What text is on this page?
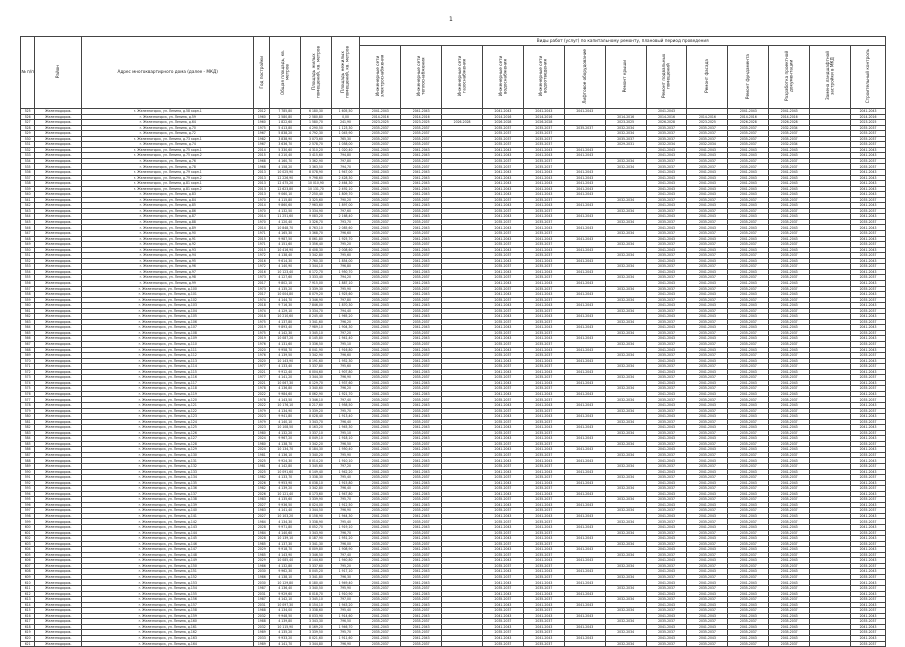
1
№ п/п	Район	Адрес многоквартирного дома (далее - МКД)	Год постройки	Общая площадь, кв. метров	Площадь жилых помещений, кв. метров	Площадь нежилых помещений, кв. метров	Виды работ (услуг) по капитальному ремонту, плановый период проведения												
							Инженерные сети электроснабжения	Инженерные сети теплоснабжения	Инженерные сети газоснабжения	Инженерные сети водоснабжения	Инженерные сети водоотведения	Лифтовое оборудование	Ремонт крыши	Ремонт подвальных помещений	Ремонт фасада	Ремонт фундамента	Разработка проектной документации	Замена ландшафтной застройки в МКД	Строительный контроль
525	Железнодорож.	г. Железногорск, ул. Ленина, д.58 корп.1	2012	7 785,80	6 180,30	1 605,50	2041-2043	2041-2043		2041-2043	2041-2043	2041-2043		2041-2043		2041-2043	2041-2043		2041-2043
526	Железнодорож.	г. Железногорск, ул. Ленина, д.59	1960	2 580,80	2 580,80	0,00	2014-2016	2014-2016		2014-2016	2014-2016		2014-2016	2014-2016	2014-2016	2014-2016	2014-2016		2014-2016
527	Железнодорож.	г. Железногорск, ул. Ленина, д.64	1960	1 822,60	1 580,70	241,90	2023-2025	2023-2025	2026-2028	2026-2028	2026-2028		2023-2025	2026-2028	2023-2025	2026-2028	2026-2028		2023-2025
528	Железнодорож.	г. Железногорск, ул. Ленина, д.70	1975	5 413,80	4 290,50	1 123,30	2035-2037	2035-2037		2035-2037	2035-2037	2035-2037	2032-2034	2035-2037	2035-2037	2035-2037	2032-2034		2035-2037
529	Железнодорож.	г. Железногорск, ул. Ленина, д.72	1967	5 838,20	4 792,30	1 045,90	2035-2037	2035-2037		2035-2037	2035-2037		2032-2034	2035-2037	2035-2037	2035-2037	2035-2037		2035-2037
530	Железнодорож.	г. Железногорск, ул. Ленина, д.73 корп.1	1982	3 838,90	3 073,60	765,30	2035-2037	2035-2037		2035-2037	2035-2037		2035-2037	2035-2037	2035-2037	2035-2037	2035-2037		2035-2037
531	Железнодорож.	г. Железногорск, ул. Ленина, д.74	1967	3 636,70	2 578,70	1 058,00	2035-2037	2035-2037		2035-2037	2035-2037		2029-2031	2032-2034	2032-2034	2035-2037	2032-2034		2035-2037
532	Железнодорож.	г. Железногорск, ул. Ленина, д.75 корп.1	2014	5 330,60	4 310,20	1 020,40	2041-2043	2041-2043		2041-2043	2041-2043	2041-2043		2041-2043	2041-2043	2041-2043	2041-2043		2041-2043
533	Железнодорож.	г. Железногорск, ул. Ленина, д.75 корп.2	2015	4 210,40	3 415,60	794,80	2041-2043	2041-2043		2041-2043	2041-2043	2041-2043		2041-2043	2041-2043	2041-2043	2041-2043		2041-2043
534	Железнодорож.	г. Железногорск, ул. Ленина, д.76	1968	4 160,70	3 362,90	797,80	2035-2037	2035-2037		2035-2037	2035-2037		2032-2034	2035-2037	2035-2037	2035-2037	2035-2037		2035-2037
535	Железнодорож.	г. Железногорск, ул. Ленина, д.78	1968	4 158,20	3 363,50	794,70	2035-2037	2035-2037		2035-2037	2035-2037		2032-2034	2035-2037	2035-2037	2035-2037	2035-2037		2035-2037
536	Железнодорож.	г. Железногорск, ул. Ленина, д.79 корп.1	2013	10 025,90	8 078,90	1 947,00	2041-2043	2041-2043		2041-2043	2041-2043	2041-2043		2041-2043	2041-2043	2041-2043	2041-2043		2041-2043
537	Железнодорож.	г. Железногорск, ул. Ленина, д.79 корп.2	2013	12 226,90	9 798,60	2 428,30	2041-2043	2041-2043		2041-2043	2041-2043	2041-2043		2041-2043	2041-2043	2041-2043	2041-2043		2041-2043
538	Железнодорож.	г. Железногорск, ул. Ленина, д.81 корп.1	2013	12 475,20	10 010,90	2 464,30	2041-2043	2041-2043		2041-2043	2041-2043	2041-2043		2041-2043	2041-2043	2041-2043	2041-2043		2041-2043
539	Железнодорож.	г. Железногорск, ул. Ленина, д.81 корп.2	2013	12 623,80	10 131,70	2 492,10	2041-2043	2041-2043		2041-2043	2041-2043	2041-2043		2041-2043	2041-2043	2041-2043	2041-2043		2041-2043
540	Железнодорож.	г. Железногорск, ул. Ленина, д.83	2013	9 060,10	7 250,40	1 809,70	2041-2043	2041-2043		2041-2043	2041-2043	2041-2043		2041-2043	2041-2043	2041-2043	2041-2043		2041-2043
541	Железнодорож.	г. Железногорск, ул. Ленина, д.84	1970	4 115,80	3 325,60	790,20	2035-2037	2035-2037		2035-2037	2035-2037		2032-2034	2035-2037	2035-2037	2035-2037	2035-2037		2035-2037
542	Железнодорож.	г. Железногорск, ул. Ленина, д.85	2014	9 860,60	7 963,60	1 897,00	2041-2043	2041-2043		2041-2043	2041-2043	2041-2043		2041-2043	2041-2043	2041-2043	2041-2043		2041-2043
543	Железнодорож.	г. Железногорск, ул. Ленина, д.86	1970	4 132,50	3 334,90	797,60	2035-2037	2035-2037		2035-2037	2035-2037		2032-2034	2035-2037	2035-2037	2035-2037	2035-2037		2035-2037
544	Железнодорож.	г. Железногорск, ул. Ленина, д.87	2014	11 251,60	9 083,20	2 168,40	2041-2043	2041-2043		2041-2043	2041-2043	2041-2043		2041-2043	2041-2043	2041-2043	2041-2043		2041-2043
545	Железнодорож.	г. Железногорск, ул. Ленина, д.88	1970	4 120,40	3 326,70	793,70	2035-2037	2035-2037		2035-2037	2035-2037		2032-2034	2035-2037	2035-2037	2035-2037	2035-2037		2035-2037
546	Железнодорож.	г. Железногорск, ул. Ленина, д.89	2014	10 848,70	8 763,10	2 085,60	2041-2043	2041-2043		2041-2043	2041-2043	2041-2043		2041-2043	2041-2043	2041-2043	2041-2043		2041-2043
547	Железнодорож.	г. Железногорск, ул. Ленина, д.90	1971	4 165,30	3 368,70	796,60	2035-2037	2035-2037		2035-2037	2035-2037		2032-2034	2035-2037	2035-2037	2035-2037	2035-2037		2035-2037
548	Железнодорож.	г. Железногорск, ул. Ленина, д.91	2015	9 987,50	8 061,80	1 925,70	2041-2043	2041-2043		2041-2043	2041-2043	2041-2043		2041-2043	2041-2043	2041-2043	2041-2043		2041-2043
549	Железнодорож.	г. Железногорск, ул. Ленина, д.92	1971	4 151,60	3 356,40	795,20	2035-2037	2035-2037		2035-2037	2035-2037		2032-2034	2035-2037	2035-2037	2035-2037	2035-2037		2035-2037
550	Железнодорож.	г. Железногорск, ул. Ленина, д.93	2015	10 416,90	8 408,30	2 008,60	2041-2043	2041-2043		2041-2043	2041-2043	2041-2043		2041-2043	2041-2043	2041-2043	2041-2043		2041-2043
551	Железнодорож.	г. Железногорск, ул. Ленина, д.94	1972	4 138,40	3 342,80	795,60	2035-2037	2035-2037		2035-2037	2035-2037		2032-2034	2035-2037	2035-2037	2035-2037	2035-2037		2035-2037
552	Железнодорож.	г. Железногорск, ул. Ленина, д.95	2016	9 614,30	7 760,30	1 854,00	2041-2043	2041-2043		2041-2043	2041-2043	2041-2043		2041-2043	2041-2043	2041-2043	2041-2043		2041-2043
553	Железнодорож.	г. Железногорск, ул. Ленина, д.96	1972	4 140,90	3 344,10	796,80	2035-2037	2035-2037		2035-2037	2035-2037		2032-2034	2035-2037	2035-2037	2035-2037	2035-2037		2035-2037
554	Железнодорож.	г. Железногорск, ул. Ленина, д.97	2016	10 123,40	8 172,70	1 950,70	2041-2043	2041-2043		2041-2043	2041-2043	2041-2043		2041-2043	2041-2043	2041-2043	2041-2043		2041-2043
555	Железнодорож.	г. Железногорск, ул. Ленина, д.98	1973	4 127,60	3 333,40	794,20	2035-2037	2035-2037		2035-2037	2035-2037		2032-2034	2035-2037	2035-2037	2035-2037	2035-2037		2035-2037
556	Железнодорож.	г. Железногорск, ул. Ленина, д.99	2017	9 802,10	7 915,00	1 887,10	2041-2043	2041-2043		2041-2043	2041-2043	2041-2043		2041-2043	2041-2043	2041-2043	2041-2043		2041-2043
557	Железнодорож.	г. Железногорск, ул. Ленина, д.100	1973	4 135,20	3 339,30	795,90	2035-2037	2035-2037		2035-2037	2035-2037		2032-2034	2035-2037	2035-2037	2035-2037	2035-2037		2035-2037
558	Железнодорож.	г. Железногорск, ул. Ленина, д.101	2017	10 004,80	8 079,20	1 925,60	2041-2043	2041-2043		2041-2043	2041-2043	2041-2043		2041-2043	2041-2043	2041-2043	2041-2043		2041-2043
559	Железнодорож.	г. Железногорск, ул. Ленина, д.102	1974	4 144,70	3 346,90	797,80	2035-2037	2035-2037		2035-2037	2035-2037		2032-2034	2035-2037	2035-2037	2035-2037	2035-2037		2035-2037
560	Железнодорож.	г. Железногорск, ул. Ленина, д.103	2018	9 716,30	7 846,00	1 870,30	2041-2043	2041-2043		2041-2043	2041-2043	2041-2043		2041-2043	2041-2043	2041-2043	2041-2043		2041-2043
561	Железнодорож.	г. Железногорск, ул. Ленина, д.104	1974	4 129,10	3 334,70	794,40	2035-2037	2035-2037		2035-2037	2035-2037		2032-2034	2035-2037	2035-2037	2035-2037	2035-2037		2035-2037
562	Железнодорож.	г. Железногорск, ул. Ленина, д.105	2018	10 210,60	8 245,40	1 965,20	2041-2043	2041-2043		2041-2043	2041-2043	2041-2043		2041-2043	2041-2043	2041-2043	2041-2043		2041-2043
563	Железнодорож.	г. Железногорск, ул. Ленина, д.106	1975	4 137,80	3 341,60	796,20	2035-2037	2035-2037		2035-2037	2035-2037		2032-2034	2035-2037	2035-2037	2035-2037	2035-2037		2035-2037
564	Железнодорож.	г. Железногорск, ул. Ленина, д.107	2019	9 893,40	7 989,10	1 904,30	2041-2043	2041-2043		2041-2043	2041-2043	2041-2043		2041-2043	2041-2043	2041-2043	2041-2043		2041-2043
565	Железнодорож.	г. Железногорск, ул. Ленина, д.108	1975	4 142,30	3 345,10	797,20	2035-2037	2035-2037		2035-2037	2035-2037		2032-2034	2035-2037	2035-2037	2035-2037	2035-2037		2035-2037
566	Железнодорож.	г. Железногорск, ул. Ленина, д.109	2019	10 087,20	8 145,80	1 941,40	2041-2043	2041-2043		2041-2043	2041-2043	2041-2043		2041-2043	2041-2043	2041-2043	2041-2043		2041-2043
567	Железнодорож.	г. Железногорск, ул. Ленина, д.110	1976	4 131,60	3 336,50	795,10	2035-2037	2035-2037		2035-2037	2035-2037		2032-2034	2035-2037	2035-2037	2035-2037	2035-2037		2035-2037
568	Железнодорож.	г. Железногорск, ул. Ленина, д.111	2020	9 958,70	8 041,90	1 916,80	2041-2043	2041-2043		2041-2043	2041-2043	2041-2043		2041-2043	2041-2043	2041-2043	2041-2043		2041-2043
569	Железнодорож.	г. Железногорск, ул. Ленина, д.112	1976	4 139,50	3 342,90	796,60	2035-2037	2035-2037		2035-2037	2035-2037		2032-2034	2035-2037	2035-2037	2035-2037	2035-2037		2035-2037
570	Железнодорож.	г. Железногорск, ул. Ленина, д.113	2020	10 143,90	8 191,60	1 952,30	2041-2043	2041-2043		2041-2043	2041-2043	2041-2043		2041-2043	2041-2043	2041-2043	2041-2043		2041-2043
571	Железнодорож.	г. Железногорск, ул. Ленина, д.114	1977	4 133,40	3 337,80	795,60	2035-2037	2035-2037		2035-2037	2035-2037		2032-2034	2035-2037	2035-2037	2035-2037	2035-2037		2035-2037
572	Железнодорож.	г. Железногорск, ул. Ленина, д.115	2021	9 912,40	8 004,60	1 907,80	2041-2043	2041-2043		2041-2043	2041-2043	2041-2043		2041-2043	2041-2043	2041-2043	2041-2043		2041-2043
573	Железнодорож.	г. Железногорск, ул. Ленина, д.116	1977	4 141,20	3 344,30	796,90	2035-2037	2035-2037		2035-2037	2035-2037		2032-2034	2035-2037	2035-2037	2035-2037	2035-2037		2035-2037
574	Железнодорож.	г. Железногорск, ул. Ленина, д.117	2021	10 067,30	8 129,70	1 937,60	2041-2043	2041-2043		2041-2043	2041-2043	2041-2043		2041-2043	2041-2043	2041-2043	2041-2043		2041-2043
575	Железнодорож.	г. Железногорск, ул. Ленина, д.118	1978	4 136,80	3 340,60	796,20	2035-2037	2035-2037		2035-2037	2035-2037		2032-2034	2035-2037	2035-2037	2035-2037	2035-2037		2035-2037
576	Железнодорож.	г. Железногорск, ул. Ленина, д.119	2022	9 984,60	8 062,90	1 921,70	2041-2043	2041-2043		2041-2043	2041-2043	2041-2043		2041-2043	2041-2043	2041-2043	2041-2043		2041-2043
577	Железнодорож.	г. Железногорск, ул. Ленина, д.120	1978	4 143,50	3 346,10	797,40	2035-2037	2035-2037		2035-2037	2035-2037		2032-2034	2035-2037	2035-2037	2035-2037	2035-2037		2035-2037
578	Железнодорож.	г. Железногорск, ул. Ленина, д.121	2022	10 176,10	8 217,60	1 958,50	2041-2043	2041-2043		2041-2043	2041-2043	2041-2043		2041-2043	2041-2043	2041-2043	2041-2043		2041-2043
579	Железнодорож.	г. Железногорск, ул. Ленина, д.122	1979	4 134,90	3 339,20	795,70	2035-2037	2035-2037		2035-2037	2035-2037		2032-2034	2035-2037	2035-2037	2035-2037	2035-2037		2035-2037
580	Железнодорож.	г. Железногорск, ул. Ленина, д.123	2023	9 941,80	8 028,40	1 913,40	2041-2043	2041-2043		2041-2043	2041-2043	2041-2043		2041-2043	2041-2043	2041-2043	2041-2043		2041-2043
581	Железнодорож.	г. Железногорск, ул. Ленина, д.124	1979	4 140,10	3 343,70	796,40	2035-2037	2035-2037		2035-2037	2035-2037		2032-2034	2035-2037	2035-2037	2035-2037	2035-2037		2035-2037
582	Железнодорож.	г. Железногорск, ул. Ленина, д.125	2023	10 108,50	8 163,20	1 945,30	2041-2043	2041-2043		2041-2043	2041-2043	2041-2043		2041-2043	2041-2043	2041-2043	2041-2043		2041-2043
583	Железнодорож.	г. Железногорск, ул. Ленина, д.126	1980	4 132,20	3 337,10	795,10	2035-2037	2035-2037		2035-2037	2035-2037		2032-2034	2035-2037	2035-2037	2035-2037	2035-2037		2035-2037
584	Железнодорож.	г. Железногорск, ул. Ленина, д.127	2024	9 967,20	8 049,10	1 918,10	2041-2043	2041-2043		2041-2043	2041-2043	2041-2043		2041-2043	2041-2043	2041-2043	2041-2043		2041-2043
585	Железнодорож.	г. Железногорск, ул. Ленина, д.128	1980	4 138,70	3 342,20	796,50	2035-2037	2035-2037		2035-2037	2035-2037		2032-2034	2035-2037	2035-2037	2035-2037	2035-2037		2035-2037
586	Железнодорож.	г. Железногорск, ул. Ленина, д.129	2024	10 134,70	8 184,30	1 950,40	2041-2043	2041-2043		2041-2043	2041-2043	2041-2043		2041-2043	2041-2043	2041-2043	2041-2043		2041-2043
587	Железнодорож.	г. Железногорск, ул. Ленина, д.130	1981	4 136,10	3 340,20	795,90	2035-2037	2035-2037		2035-2037	2035-2037		2032-2034	2035-2037	2035-2037	2035-2037	2035-2037		2035-2037
588	Железнодорож.	г. Железногорск, ул. Ленина, д.131	2025	9 924,30	8 014,20	1 910,10	2041-2043	2041-2043		2041-2043	2041-2043	2041-2043		2041-2043	2041-2043	2041-2043	2041-2043		2041-2043
589	Железнодорож.	г. Железногорск, ул. Ленина, д.132	1981	4 142,80	3 345,60	797,20	2035-2037	2035-2037		2035-2037	2035-2037		2032-2034	2035-2037	2035-2037	2035-2037	2035-2037		2035-2037
590	Железнодорож.	г. Железногорск, ул. Ленина, д.133	2025	10 091,60	8 149,40	1 942,20	2041-2043	2041-2043		2041-2043	2041-2043	2041-2043		2041-2043	2041-2043	2041-2043	2041-2043		2041-2043
591	Железнодорож.	г. Железногорск, ул. Ленина, д.134	1982	4 133,70	3 338,30	795,40	2035-2037	2035-2037		2035-2037	2035-2037		2032-2034	2035-2037	2035-2037	2035-2037	2035-2037		2035-2037
592	Железнодорож.	г. Железногорск, ул. Ленина, д.135	2026	9 953,90	8 038,10	1 915,80	2041-2043	2041-2043		2041-2043	2041-2043	2041-2043		2041-2043	2041-2043	2041-2043	2041-2043		2041-2043
593	Железнодорож.	г. Железногорск, ул. Ленина, д.136	1982	4 139,20	3 342,80	796,40	2035-2037	2035-2037		2035-2037	2035-2037		2032-2034	2035-2037	2035-2037	2035-2037	2035-2037		2035-2037
594	Железнодорож.	г. Железногорск, ул. Ленина, д.137	2026	10 121,40	8 173,60	1 947,80	2041-2043	2041-2043		2041-2043	2041-2043	2041-2043		2041-2043	2041-2043	2041-2043	2041-2043		2041-2043
595	Железнодорож.	г. Железногорск, ул. Ленина, д.138	1983	4 135,60	3 339,90	795,70	2035-2037	2035-2037		2035-2037	2035-2037		2032-2034	2035-2037	2035-2037	2035-2037	2035-2037		2035-2037
596	Железнодорож.	г. Железногорск, ул. Ленина, д.139	2027	9 936,50	8 024,00	1 912,50	2041-2043	2041-2043		2041-2043	2041-2043	2041-2043		2041-2043	2041-2043	2041-2043	2041-2043		2041-2043
597	Железнодорож.	г. Железногорск, ул. Ленина, д.140	1983	4 141,40	3 344,50	796,90	2035-2037	2035-2037		2035-2037	2035-2037		2032-2034	2035-2037	2035-2037	2035-2037	2035-2037		2035-2037
598	Железнодорож.	г. Железногорск, ул. Ленина, д.141	2027	10 103,20	8 158,90	1 944,30	2041-2043	2041-2043		2041-2043	2041-2043	2041-2043		2041-2043	2041-2043	2041-2043	2041-2043		2041-2043
599	Железнодорож.	г. Железногорск, ул. Ленина, д.142	1984	4 134,30	3 338,90	795,40	2035-2037	2035-2037		2035-2037	2035-2037		2032-2034	2035-2037	2035-2037	2035-2037	2035-2037		2035-2037
600	Железнодорож.	г. Железногорск, ул. Ленина, д.143	2028	9 971,80	8 052,70	1 919,10	2041-2043	2041-2043		2041-2043	2041-2043	2041-2043		2041-2043	2041-2043	2041-2043	2041-2043		2041-2043
601	Железнодорож.	г. Железногорск, ул. Ленина, д.144	1984	4 140,60	3 343,90	796,70	2035-2037	2035-2037		2035-2037	2035-2037		2032-2034	2035-2037	2035-2037	2035-2037	2035-2037		2035-2037
602	Железнодорож.	г. Железногорск, ул. Ленина, д.145	2028	10 139,10	8 187,90	1 951,20	2041-2043	2041-2043		2041-2043	2041-2043	2041-2043		2041-2043	2041-2043	2041-2043	2041-2043		2041-2043
603	Железнодорож.	г. Железногорск, ул. Ленина, д.146	1985	4 137,30	3 341,30	796,00	2035-2037	2035-2037		2035-2037	2035-2037		2032-2034	2035-2037	2035-2037	2035-2037	2035-2037		2035-2037
604	Железнодорож.	г. Железногорск, ул. Ленина, д.147	2029	9 918,70	8 009,80	1 908,90	2041-2043	2041-2043		2041-2043	2041-2043	2041-2043		2041-2043	2041-2043	2041-2043	2041-2043		2041-2043
605	Железнодорож.	г. Железногорск, ул. Ленина, д.148	1985	4 143,90	3 346,50	797,40	2035-2037	2035-2037		2035-2037	2035-2037		2032-2034	2035-2037	2035-2037	2035-2037	2035-2037		2035-2037
606	Железнодорож.	г. Железногорск, ул. Ленина, д.149	2029	10 085,40	8 144,60	1 940,80	2041-2043	2041-2043		2041-2043	2041-2043	2041-2043		2041-2043	2041-2043	2041-2043	2041-2043		2041-2043
607	Железнодорож.	г. Железногорск, ул. Ленина, д.150	1986	4 132,80	3 337,60	795,20	2035-2037	2035-2037		2035-2037	2035-2037		2032-2034	2035-2037	2035-2037	2035-2037	2035-2037		2035-2037
608	Железнодорож.	г. Железногорск, ул. Ленина, д.151	2030	9 962,30	8 045,20	1 917,10	2041-2043	2041-2043		2041-2043	2041-2043	2041-2043		2041-2043	2041-2043	2041-2043	2041-2043		2041-2043
609	Железнодорож.	г. Железногорск, ул. Ленина, д.152	1986	4 138,10	3 341,80	796,30	2035-2037	2035-2037		2035-2037	2035-2037		2032-2034	2035-2037	2035-2037	2035-2037	2035-2037		2035-2037
610	Железнодорож.	г. Железногорск, ул. Ленина, д.153	2030	10 129,80	8 180,40	1 949,40	2041-2043	2041-2043		2041-2043	2041-2043	2041-2043		2041-2043	2041-2043	2041-2043	2041-2043		2041-2043
611	Железнодорож.	г. Железногорск, ул. Ленина, д.154	1987	4 136,40	3 340,50	795,90	2035-2037	2035-2037		2035-2037	2035-2037		2032-2034	2035-2037	2035-2037	2035-2037	2035-2037		2035-2037
612	Железнодорож.	г. Железногорск, ул. Ленина, д.155	2031	9 929,60	8 018,70	1 910,90	2041-2043	2041-2043		2041-2043	2041-2043	2041-2043		2041-2043	2041-2043	2041-2043	2041-2043		2041-2043
613	Железнодорож.	г. Железногорск, ул. Ленина, д.156	1987	4 142,10	3 345,10	797,00	2035-2037	2035-2037		2035-2037	2035-2037		2032-2034	2035-2037	2035-2037	2035-2037	2035-2037		2035-2037
614	Железнодорож.	г. Железногорск, ул. Ленина, д.157	2031	10 097,30	8 154,10	1 943,20	2041-2043	2041-2043		2041-2043	2041-2043	2041-2043		2041-2043	2041-2043	2041-2043	2041-2043		2041-2043
615	Железнодорож.	г. Железногорск, ул. Ленина, д.158	1988	4 134,00	3 338,60	795,40	2035-2037	2035-2037		2035-2037	2035-2037		2032-2034	2035-2037	2035-2037	2035-2037	2035-2037		2035-2037
616	Железнодорож.	г. Железногорск, ул. Ленина, д.159	2032	9 948,50	8 033,90	1 914,60	2041-2043	2041-2043		2041-2043	2041-2043	2041-2043		2041-2043	2041-2043	2041-2043	2041-2043		2041-2043
617	Железнодорож.	г. Железногорск, ул. Ленина, д.160	1988	4 139,80	3 343,30	796,50	2035-2037	2035-2037		2035-2037	2035-2037		2032-2034	2035-2037	2035-2037	2035-2037	2035-2037		2035-2037
618	Железнодорож.	г. Железногорск, ул. Ленина, д.161	2032	10 115,90	8 169,20	1 946,70	2041-2043	2041-2043		2041-2043	2041-2043	2041-2043		2041-2043	2041-2043	2041-2043	2041-2043		2041-2043
619	Железнодорож.	г. Железногорск, ул. Ленина, д.162	1989	4 135,20	3 339,50	795,70	2035-2037	2035-2037		2035-2037	2035-2037		2032-2034	2035-2037	2035-2037	2035-2037	2035-2037		2035-2037
620	Железнодорож.	г. Железногорск, ул. Ленина, д.163	2033	9 933,20	8 021,60	1 911,60	2041-2043	2041-2043		2041-2043	2041-2043	2041-2043		2041-2043	2041-2043	2041-2043	2041-2043		2041-2043
621	Железнодорож.	г. Железногорск, ул. Ленина, д.164	1989	4 141,70	3 344,80	796,90	2035-2037	2035-2037		2035-2037	2035-2037		2032-2034	2035-2037	2035-2037	2035-2037	2035-2037		2035-2037
